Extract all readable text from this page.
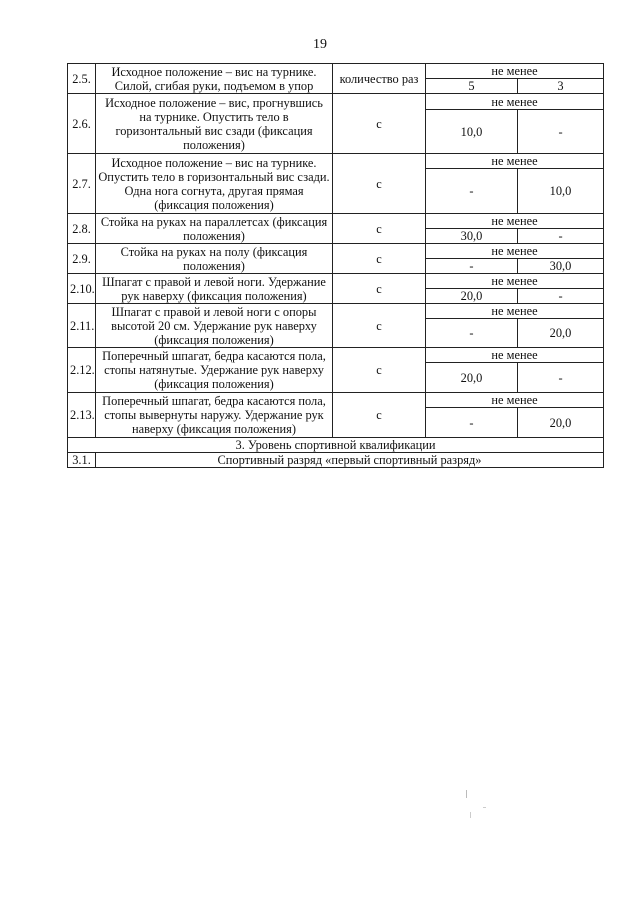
19
2.5.	Исходное положение – вис на турнике. Силой, сгибая руки, подъемом в упор	количество раз	не менее	
			5	3
2.6.	Исходное положение – вис, прогнувшись на турнике. Опустить тело в горизонтальный вис сзади (фиксация положения)	с	не менее	
			10,0	-
2.7.	Исходное положение – вис на турнике. Опустить тело в горизонтальный вис сзади. Одна нога согнута, другая прямая (фиксация положения)	с	не менее	
			-	10,0
2.8.	Стойка на руках на параллетсах (фиксация положения)	с	не менее	
			30,0	-
2.9.	Стойка на руках на полу (фиксация положения)	с	не менее	
			-	30,0
2.10.	Шпагат с правой и левой ноги. Удержание рук наверху (фиксация положения)	с	не менее	
			20,0	-
2.11.	Шпагат с правой и левой ноги с опоры высотой 20 см. Удержание рук наверху (фиксация положения)	с	не менее	
			-	20,0
2.12.	Поперечный шпагат, бедра касаются пола, стопы натянутые. Удержание рук наверху (фиксация положения)	с	не менее	
			20,0	-
2.13.	Поперечный шпагат, бедра касаются пола, стопы вывернуты наружу. Удержание рук наверху (фиксация положения)	с	не менее	
			-	20,0
3. Уровень спортивной квалификации				
3.1.	Спортивный разряд «первый спортивный разряд»			
